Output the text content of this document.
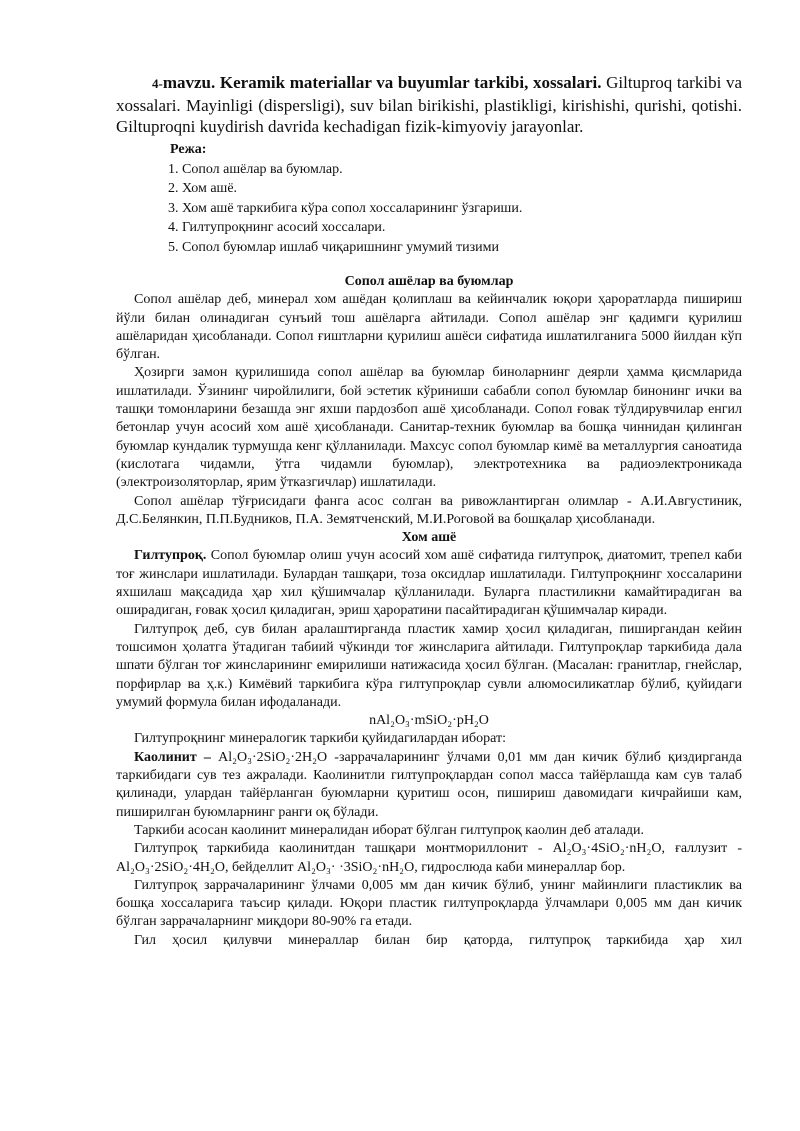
4-mavzu. Keramik materiallar va buyumlar tarkibi, xossalari. Giltuproq tarkibi va xossalari. Mayinligi (dispersligi), suv bilan birikishi, plastikligi, kirishishi, qurishi, qotishi. Giltuproqni kuydirish davrida kechadigan fizik-kimyoviy jarayonlar.

Режа:
1. Сопол ашёлар ва буюмлар.
2. Хом ашё.
3. Хом ашё таркибига кўра сопол хоссаларининг ўзгариши.
4. Гилтупроқнинг асосий хоссалари.
5. Сопол буюмлар ишлаб чиқаришнинг умумий тизими

Сопол ашёлар ва буюмлар

Сопол ашёлар деб, минерал хом ашёдан қолиплаш ва кейинчалик юқори ҳароратларда пишириш йўли билан олинадиган сунъий тош ашёларга айтилади. Сопол ашёлар энг қадимги қурилиш ашёларидан ҳисобланади. Сопол ғиштларни қурилиш ашёси сифатида ишлатилганига 5000 йилдан кўп бўлган.

Ҳозирги замон қурилишида сопол ашёлар ва буюмлар биноларнинг деярли ҳамма қисмларида ишлатилади. Ўзининг чиройлилиги, бой эстетик кўриниши сабабли сопол буюмлар бинонинг ички ва ташқи томонларини безашда энг яхши пардозбоп ашё ҳисобланади. Сопол ғовак тўлдирувчилар енгил бетонлар учун асосий хом ашё ҳисобланади. Санитар-техник буюмлар ва бошқа чиннидан қилинган буюмлар кундалик турмушда кенг қўлланилади. Махсус сопол буюмлар кимё ва металлургия саноатида (кислотага чидамли, ўтга чидамли буюмлар), электротехника ва радиоэлектроникада (электроизоляторлар, ярим ўтказгичлар) ишлатилади.

Сопол ашёлар тўғрисидаги фанга асос солган ва ривожлантирган олимлар - А.И.Августиник, Д.С.Белянкин, П.П.Будников, П.А. Земятченский, М.И.Роговой ва бошқалар ҳисобланади.

Хом ашё

Гилтупроқ. Сопол буюмлар олиш учун асосий хом ашё сифатида гилтупроқ, диатомит, трепел каби тоғ жинслари ишлатилади. Булардан ташқари, тоза оксидлар ишлатилади. Гилтупроқнинг хоссаларини яхшилаш мақсадида ҳар хил қўшимчалар қўлланилади. Буларга пластиликни камайтирадиган ва оширадиган, ғовак ҳосил қиладиган, эриш ҳароратини пасайтирадиган қўшимчалар киради.

Гилтупроқ деб, сув билан аралаштирганда пластик хамир ҳосил қиладиган, пиширгандан кейин тошсимон ҳолатга ўтадиган табиий чўкинди тоғ жинсларига айтилади. Гилтупроқлар таркибида дала шпати бўлган тоғ жинсларининг емирилиши натижасида ҳосил бўлган. (Масалан: гранитлар, гнейслар, порфирлар ва ҳ.к.) Кимёвий таркибига кўра гилтупроқлар сувли алюмосиликатлар бўлиб, қуйидаги умумий формула билан ифодаланади.

nAl₂O₃·mSiO₂·pH₂O

Гилтупроқнинг минералогик таркиби қуйидагилардан иборат:

Каолинит – Al₂O₃·2SiO₂·2H₂O -заррачаларининг ўлчами 0,01 мм дан кичик бўлиб қиздирганда таркибидаги сув тез ажралади. Каолинитли гилтупроқлардан сопол масса тайёрлашда кам сув талаб қилинади, улардан тайёрланган буюмларни қуритиш осон, пишириш давомидаги кичрайиши кам, пиширилган буюмларнинг ранги оқ бўлади.

Таркиби асосан каолинит минералидан иборат бўлган гилтупроқ каолин деб аталади.

Гилтупроқ таркибида каолинитдан ташқари монтмориллонит - Al₂O₃·4SiO₂·nH₂O, ғаллузит - Al₂O₃·2SiO₂·4H₂O, бейделлит Al₂O₃· ·3SiO₂·nH₂O, гидрослюда каби минераллар бор.

Гилтупроқ заррачаларининг ўлчами 0,005 мм дан кичик бўлиб, унинг майинлиги пластиклик ва бошқа хоссаларига таъсир қилади. Юқори пластик гилтупроқларда ўлчамлари 0,005 мм дан кичик бўлган заррачаларнинг миқдори 80-90% га етади.

Гил ҳосил қилувчи минераллар билан бир қаторда, гилтупроқ таркибида ҳар хил
